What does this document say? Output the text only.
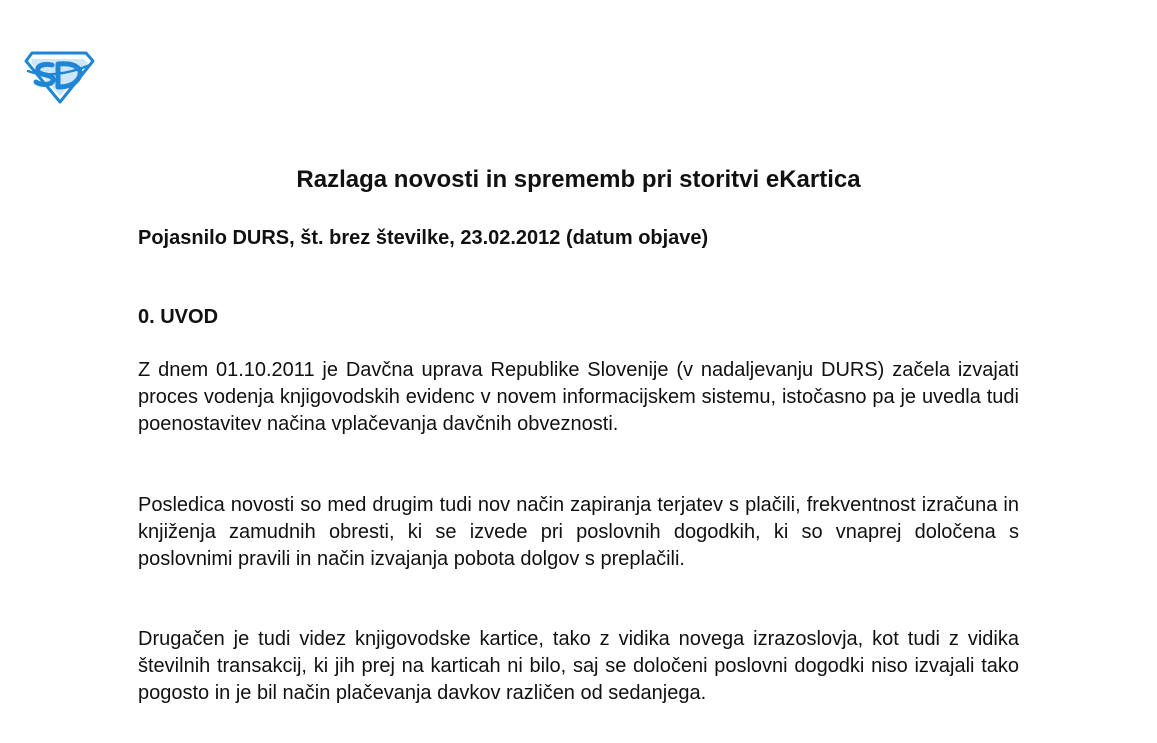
Razlaga novosti in sprememb pri storitvi eKartica

Pojasnilo DURS, št. brez številke, 23.02.2012 (datum objave)

0. UVOD

Z dnem 01.10.2011 je Davčna uprava Republike Slovenije (v nadaljevanju DURS) začela izvajati proces vodenja knjigovodskih evidenc v novem informacijskem sistemu, istočasno pa je uvedla tudi poenostavitev načina vplačevanja davčnih obveznosti.

Posledica novosti so med drugim tudi nov način zapiranja terjatev s plačili, frekventnost izračuna in knjiženja zamudnih obresti, ki se izvede pri poslovnih dogodkih, ki so vnaprej določena s poslovnimi pravili in način izvajanja pobota dolgov s preplačili.

Drugačen je tudi videz knjigovodske kartice, tako z vidika novega izrazoslovja, kot tudi z vidika številnih transakcij, ki jih prej na karticah ni bilo, saj se določeni poslovni dogodki niso izvajali tako pogosto in je bil način plačevanja davkov različen od sedanjega.
